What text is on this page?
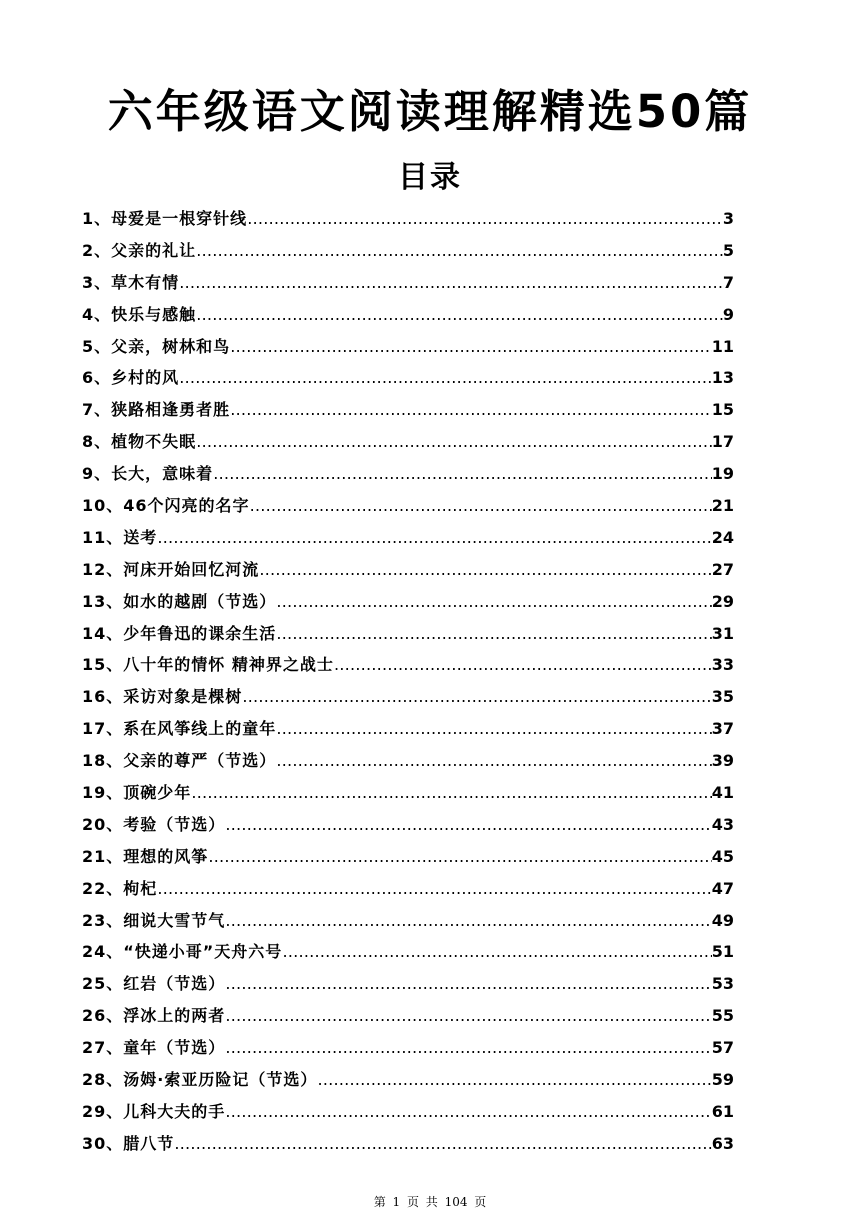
六年级语文阅读理解精选50篇
目录
1、母爱是一根穿针线 ……………………………………………………………………………………………………………………………………………………………………………………………………………	3
2、父亲的礼让 ……………………………………………………………………………………………………………………………………………………………………………………………………………	5
3、草木有情 ……………………………………………………………………………………………………………………………………………………………………………………………………………	7
4、快乐与感触 ……………………………………………………………………………………………………………………………………………………………………………………………………………	9
5、父亲，树林和鸟 ……………………………………………………………………………………………………………………………………………………………………………………………………………	11
6、乡村的风 ……………………………………………………………………………………………………………………………………………………………………………………………………………	13
7、狭路相逢勇者胜 ……………………………………………………………………………………………………………………………………………………………………………………………………………	15
8、植物不失眠 ……………………………………………………………………………………………………………………………………………………………………………………………………………	17
9、长大，意味着 ……………………………………………………………………………………………………………………………………………………………………………………………………………	19
10、46个闪亮的名字 ……………………………………………………………………………………………………………………………………………………………………………………………………………	21
11、送考 ……………………………………………………………………………………………………………………………………………………………………………………………………………	24
12、河床开始回忆河流 ……………………………………………………………………………………………………………………………………………………………………………………………………………	27
13、如水的越剧（节选） ……………………………………………………………………………………………………………………………………………………………………………………………………………	29
14、少年鲁迅的课余生活 ……………………………………………………………………………………………………………………………………………………………………………………………………………	31
15、八十年的情怀 精神界之战士 ……………………………………………………………………………………………………………………………………………………………………………………………………………	33
16、采访对象是棵树 ……………………………………………………………………………………………………………………………………………………………………………………………………………	35
17、系在风筝线上的童年 ……………………………………………………………………………………………………………………………………………………………………………………………………………	37
18、父亲的尊严（节选） ……………………………………………………………………………………………………………………………………………………………………………………………………………	39
19、顶碗少年 ……………………………………………………………………………………………………………………………………………………………………………………………………………	41
20、考验（节选） ……………………………………………………………………………………………………………………………………………………………………………………………………………	43
21、理想的风筝 ……………………………………………………………………………………………………………………………………………………………………………………………………………	45
22、枸杞 ……………………………………………………………………………………………………………………………………………………………………………………………………………	47
23、细说大雪节气 ……………………………………………………………………………………………………………………………………………………………………………………………………………	49
24、“快递小哥”天舟六号 ……………………………………………………………………………………………………………………………………………………………………………………………………………	51
25、红岩（节选） ……………………………………………………………………………………………………………………………………………………………………………………………………………	53
26、浮冰上的两者 ……………………………………………………………………………………………………………………………………………………………………………………………………………	55
27、童年（节选） ……………………………………………………………………………………………………………………………………………………………………………………………………………	57
28、汤姆·索亚历险记（节选） ……………………………………………………………………………………………………………………………………………………………………………………………………………	59
29、儿科大夫的手 ……………………………………………………………………………………………………………………………………………………………………………………………………………	61
30、腊八节 ……………………………………………………………………………………………………………………………………………………………………………………………………………	63
第 1 页 共 104 页
